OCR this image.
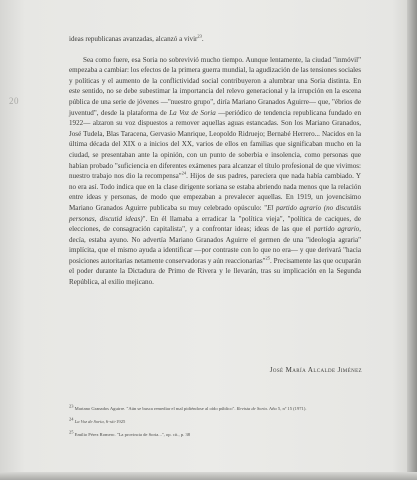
20

ideas republicanas avanzadas, alcanzó a vivir$^{23}$.

Sea como fuere, esa Soria no sobrevivió mucho tiempo. Aunque lentamente, la ciudad "inmóvil" empezaba a cambiar: los efectos de la primera guerra mundial, la agudización de las tensiones sociales y políticas y el aumento de la conflictividad social contribuyeron a alumbrar una Soria distinta. En este sentido, no se debe subestimar la importancia del relevo generacional y la irrupción en la escena pública de una serie de jóvenes —"nuestro grupo", diría Mariano Granados Aguirre— que, "ébrios de juventud", desde la plataforma de La Voz de Soria —periódico de tendencia republicana fundado en 1922— alzaron su voz dispuestos a remover aquellas aguas estancadas. Son los Mariano Granados, José Tudela, Blas Taracena, Gervasio Manrique, Leopoldo Ridruejo; Bernabé Herrero... Nacidos en la última década del XIX o a inicios del XX, varios de ellos en familias que significaban mucho en la ciudad, se presentaban ante la opinión, con un punto de soberbia e insolencia, como personas que habían probado "suficiencia en diferentes exámenes para alcanzar el título profesional de que vivimos: nuestro trabajo nos dio la recompensa"$^{24}$. Hijos de sus padres, pareciera que nada había cambiado. Y no era así. Todo indica que en la clase dirigente soriana se estaba abriendo nada menos que la relación entre ideas y personas, de modo que empezaban a prevalecer aquellas. En 1919, un jovencísimo Mariano Granados Aguirre publicaba su muy celebrado opúsculo: "El partido agrario (no discutáis personas, discutid ideas)". En él llamaba a erradicar la "política vieja", "política de caciques, de elecciones, de consagración capitalista", y a confrontar ideas; ideas de las que el partido agrario, decía, estaba ayuno. No advertía Mariano Granados Aguirre el germen de una "ideología agraria" implícita, que el mismo ayuda a identificar —por contraste con lo que no era— y que derivará "hacia posiciones autoritarias netamente conservadoras y aún reaccionarias"$^{25}$. Precisamente las que ocuparán el poder durante la Dictadura de Primo de Rivera y le llevarán, tras su implicación en la Segunda República, al exilio mejicano.

José María Alcalde Jiménez
$^{23}$ Mariano Granados Aguirre. "Aún se busca remediar el mal pidiéndose al oído público". Revista de Soria. Año 5, nº 15 (1971).
$^{24}$ La Voz de Soria, 6-xii-1925
$^{25}$ Emilio Pérez Romero. "La provincia de Soria...", op. cit., p. 38
